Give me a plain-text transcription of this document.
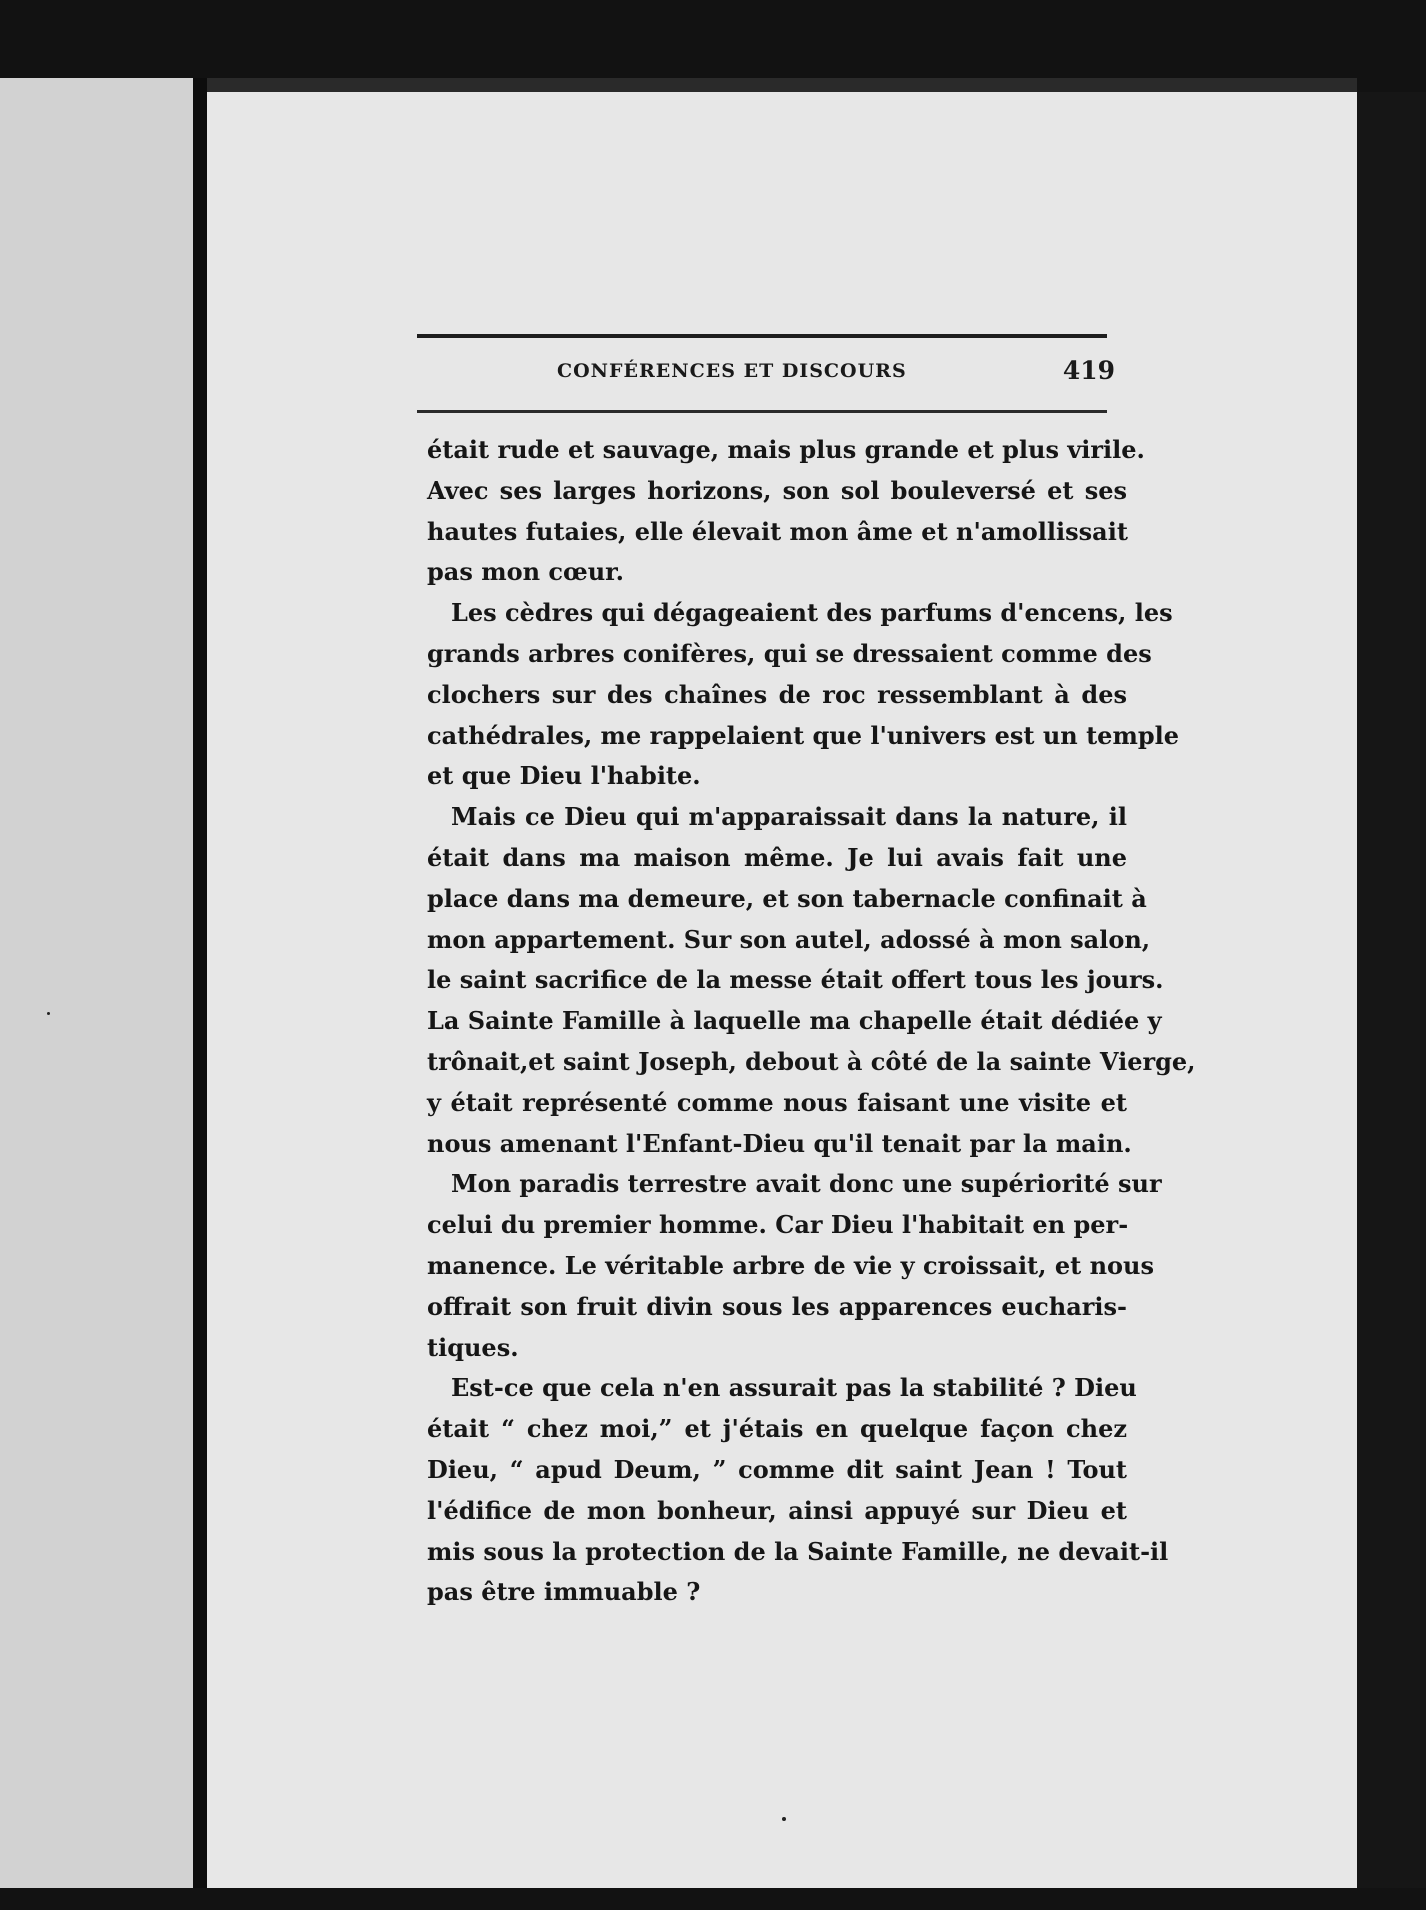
CONFÉRENCES ET DISCOURS	419
était rude et sauvage, mais plus grande et plus virile.
Avec ses larges horizons, son sol bouleversé et ses
hautes futaies, elle élevait mon âme et n'amollissait
pas mon cœur.
Les cèdres qui dégageaient des parfums d'encens, les
grands arbres conifères, qui se dressaient comme des
clochers sur des chaînes de roc ressemblant à des
cathédrales, me rappelaient que l'univers est un temple
et que Dieu l'habite.
Mais ce Dieu qui m'apparaissait dans la nature, il
était dans ma maison même. Je lui avais fait une
place dans ma demeure, et son tabernacle confinait à
mon appartement. Sur son autel, adossé à mon salon,
le saint sacrifice de la messe était offert tous les jours.
La Sainte Famille à laquelle ma chapelle était dédiée y
trônait,et saint Joseph, debout à côté de la sainte Vierge,
y était représenté comme nous faisant une visite et
nous amenant l'Enfant-Dieu qu'il tenait par la main.
Mon paradis terrestre avait donc une supériorité sur
celui du premier homme. Car Dieu l'habitait en per-
manence. Le véritable arbre de vie y croissait, et nous
offrait son fruit divin sous les apparences eucharis-
tiques.
Est-ce que cela n'en assurait pas la stabilité ? Dieu
était “ chez moi,” et j'étais en quelque façon chez
Dieu, “ apud Deum, ” comme dit saint Jean ! Tout
l'édifice de mon bonheur, ainsi appuyé sur Dieu et
mis sous la protection de la Sainte Famille, ne devait-il
pas être immuable ?
